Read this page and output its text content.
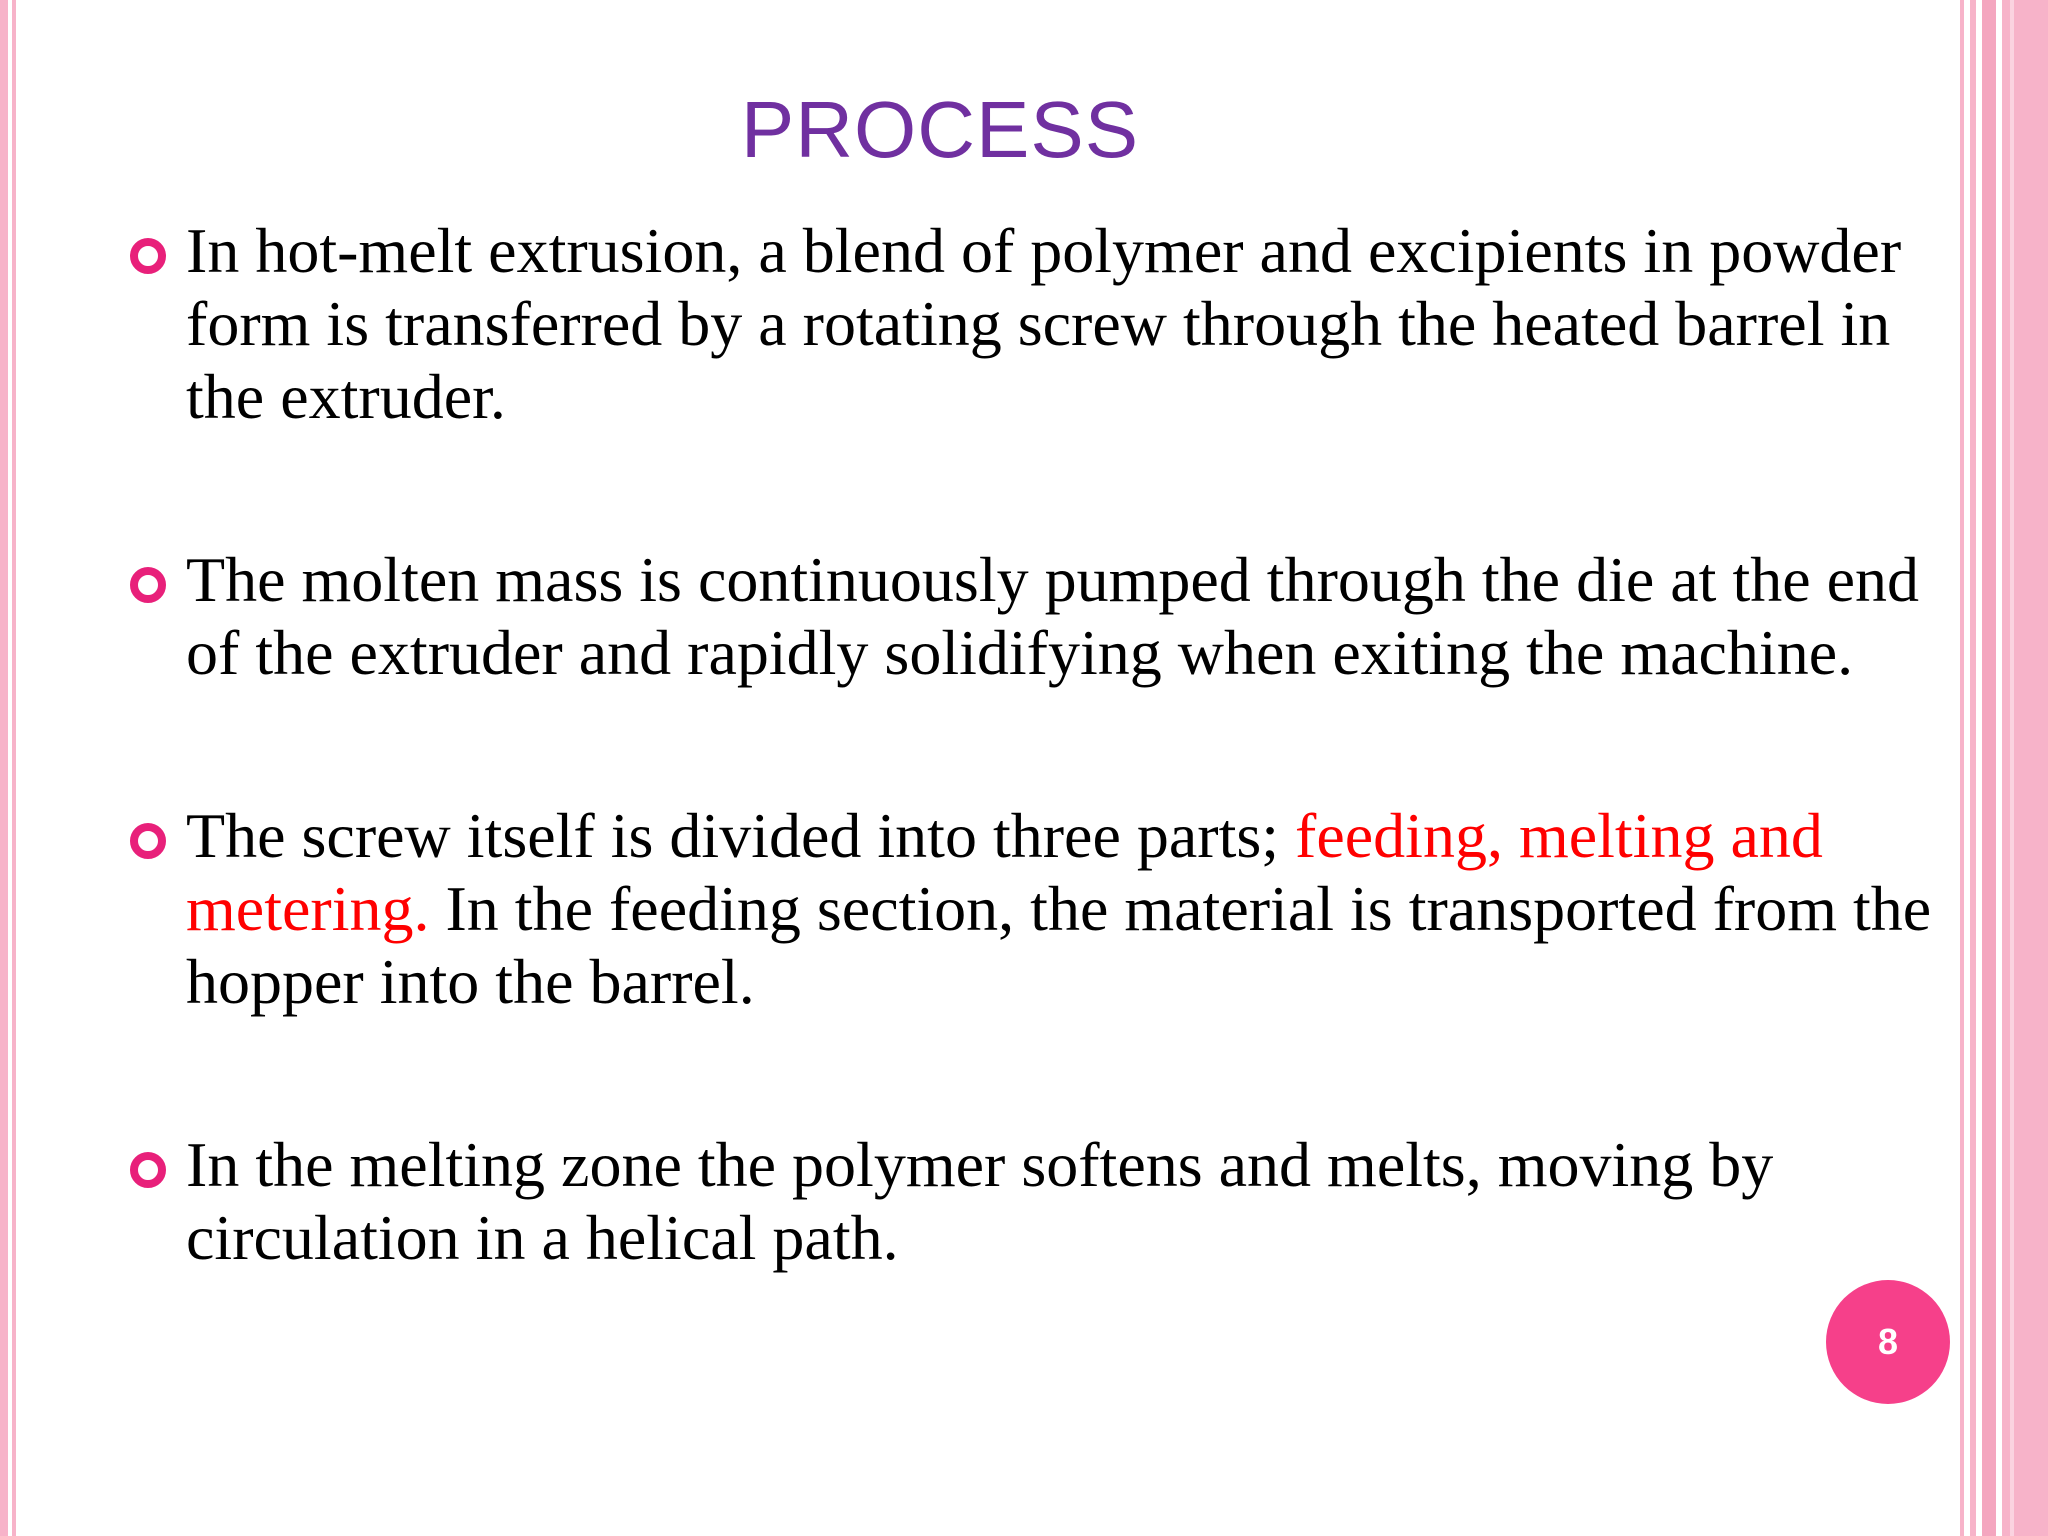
PROCESS
In hot-melt extrusion, a blend of polymer and excipients in powder form is transferred by a rotating screw through the heated barrel in the extruder.
The molten mass is continuously pumped through the die at the end of the extruder and rapidly solidifying when exiting the machine.
The screw itself is divided into three parts; feeding, melting and metering. In the feeding section, the material is transported from the hopper into the barrel.
In the melting zone the polymer softens and melts, moving by circulation in a helical path.
8
